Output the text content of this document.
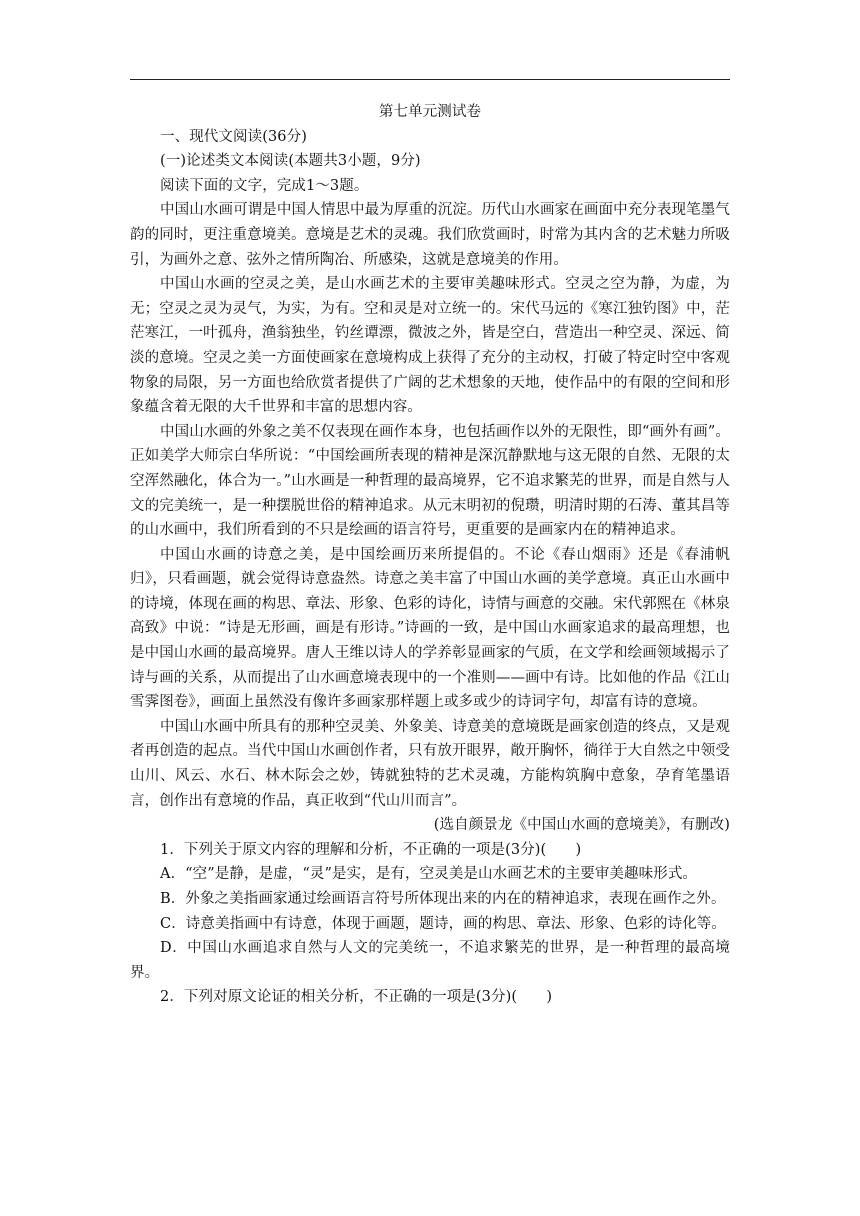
第七单元测试卷

一、现代文阅读(36分)

(一)论述类文本阅读(本题共3小题，9分)

阅读下面的文字，完成1～3题。

中国山水画可谓是中国人情思中最为厚重的沉淀。历代山水画家在画面中充分表现笔墨气韵的同时，更注重意境美。意境是艺术的灵魂。我们欣赏画时，时常为其内含的艺术魅力所吸引，为画外之意、弦外之情所陶冶、所感染，这就是意境美的作用。

中国山水画的空灵之美，是山水画艺术的主要审美趣味形式。空灵之空为静，为虚，为无；空灵之灵为灵气，为实，为有。空和灵是对立统一的。宋代马远的《寒江独钓图》中，茫茫寒江，一叶孤舟，渔翁独坐，钓丝谭漂，微波之外，皆是空白，营造出一种空灵、深远、简淡的意境。空灵之美一方面使画家在意境构成上获得了充分的主动权，打破了特定时空中客观物象的局限，另一方面也给欣赏者提供了广阔的艺术想象的天地，使作品中的有限的空间和形象蕴含着无限的大千世界和丰富的思想内容。

中国山水画的外象之美不仅表现在画作本身，也包括画作以外的无限性，即“画外有画”。正如美学大师宗白华所说：“中国绘画所表现的精神是深沉静默地与这无限的自然、无限的太空浑然融化，体合为一。”山水画是一种哲理的最高境界，它不追求繁芜的世界，而是自然与人文的完美统一，是一种摆脱世俗的精神追求。从元末明初的倪瓒，明清时期的石涛、董其昌等的山水画中，我们所看到的不只是绘画的语言符号，更重要的是画家内在的精神追求。

中国山水画的诗意之美，是中国绘画历来所提倡的。不论《春山烟雨》还是《春浦帆归》，只看画题，就会觉得诗意盎然。诗意之美丰富了中国山水画的美学意境。真正山水画中的诗境，体现在画的构思、章法、形象、色彩的诗化，诗情与画意的交融。宋代郭熙在《林泉高致》中说：“诗是无形画，画是有形诗。”诗画的一致，是中国山水画家追求的最高理想，也是中国山水画的最高境界。唐人王维以诗人的学养彰显画家的气质，在文学和绘画领域揭示了诗与画的关系，从而提出了山水画意境表现中的一个准则——画中有诗。比如他的作品《江山雪霁图卷》，画面上虽然没有像许多画家那样题上或多或少的诗词字句，却富有诗的意境。

中国山水画中所具有的那种空灵美、外象美、诗意美的意境既是画家创造的终点，又是观者再创造的起点。当代中国山水画创作者，只有放开眼界，敞开胸怀，徜徉于大自然之中领受山川、风云、水石、林木际会之妙，铸就独特的艺术灵魂，方能构筑胸中意象，孕育笔墨语言，创作出有意境的作品，真正收到“代山川而言”。

(选自颜景龙《中国山水画的意境美》，有删改)

1．下列关于原文内容的理解和分析，不正确的一项是(3分)(　　)

A．“空”是静，是虚，“灵”是实，是有，空灵美是山水画艺术的主要审美趣味形式。

B．外象之美指画家通过绘画语言符号所体现出来的内在的精神追求，表现在画作之外。

C．诗意美指画中有诗意，体现于画题，题诗，画的构思、章法、形象、色彩的诗化等。

D．中国山水画追求自然与人文的完美统一，不追求繁芜的世界，是一种哲理的最高境界。

2．下列对原文论证的相关分析，不正确的一项是(3分)(　　)
